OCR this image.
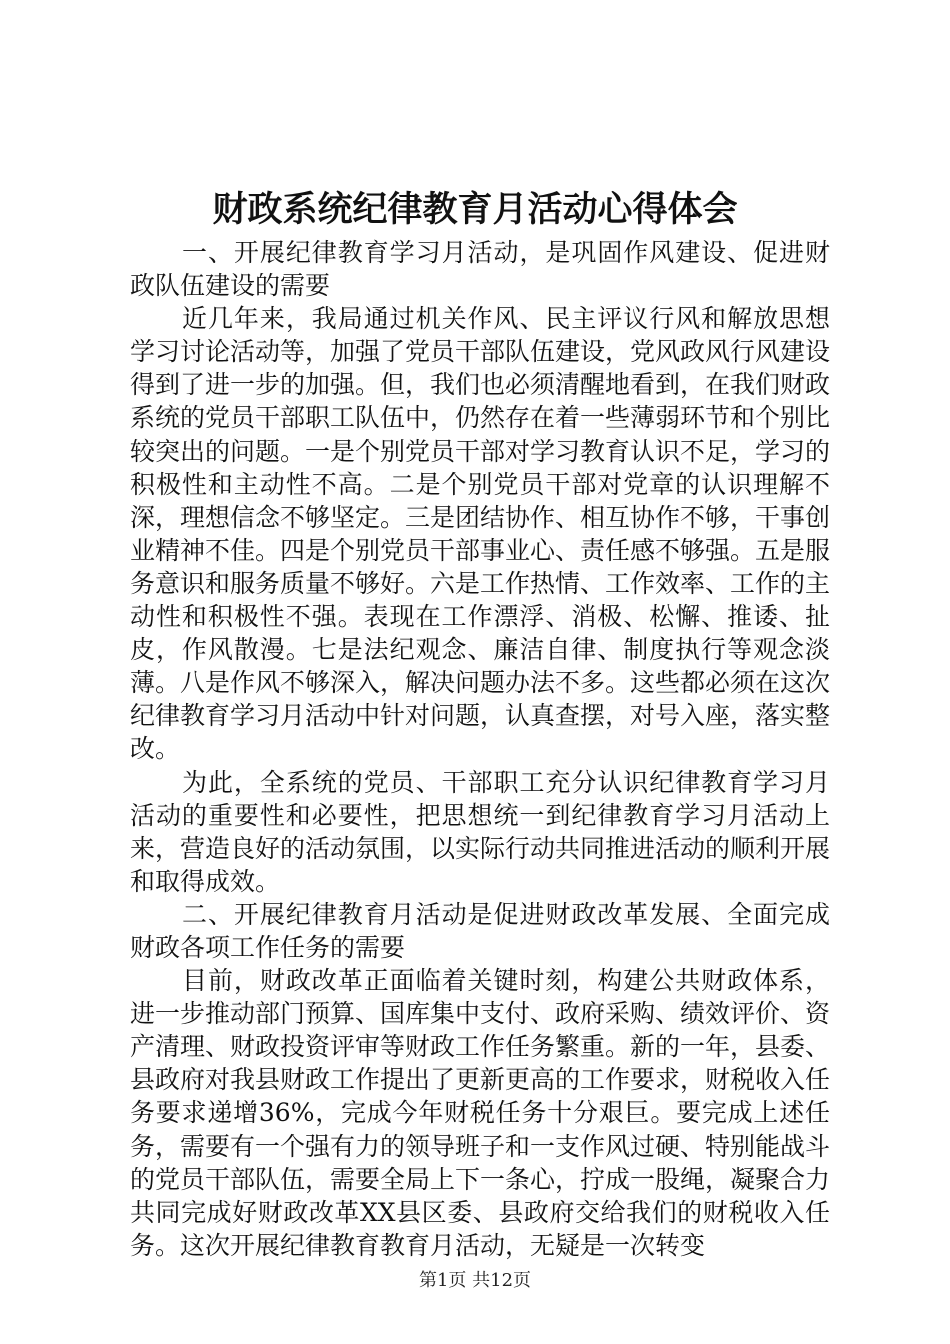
财政系统纪律教育月活动心得体会

一、开展纪律教育学习月活动，是巩固作风建设、促进财政队伍建设的需要

近几年来，我局通过机关作风、民主评议行风和解放思想学习讨论活动等，加强了党员干部队伍建设，党风政风行风建设得到了进一步的加强。但，我们也必须清醒地看到，在我们财政系统的党员干部职工队伍中，仍然存在着一些薄弱环节和个别比较突出的问题。一是个别党员干部对学习教育认识不足，学习的积极性和主动性不高。二是个别党员干部对党章的认识理解不深，理想信念不够坚定。三是团结协作、相互协作不够，干事创业精神不佳。四是个别党员干部事业心、责任感不够强。五是服务意识和服务质量不够好。六是工作热情、工作效率、工作的主动性和积极性不强。表现在工作漂浮、消极、松懈、推诿、扯皮，作风散漫。七是法纪观念、廉洁自律、制度执行等观念淡薄。八是作风不够深入，解决问题办法不多。这些都必须在这次纪律教育学习月活动中针对问题，认真查摆，对号入座，落实整改。

为此，全系统的党员、干部职工充分认识纪律教育学习月活动的重要性和必要性，把思想统一到纪律教育学习月活动上来，营造良好的活动氛围，以实际行动共同推进活动的顺利开展和取得成效。

二、开展纪律教育月活动是促进财政改革发展、全面完成财政各项工作任务的需要

目前，财政改革正面临着关键时刻，构建公共财政体系，进一步推动部门预算、国库集中支付、政府采购、绩效评价、资产清理、财政投资评审等财政工作任务繁重。新的一年，县委、县政府对我县财政工作提出了更新更高的工作要求，财税收入任务要求递增36%，完成今年财税任务十分艰巨。要完成上述任务，需要有一个强有力的领导班子和一支作风过硬、特别能战斗的党员干部队伍，需要全局上下一条心，拧成一股绳，凝聚合力共同完成好财政改革XX县区委、县政府交给我们的财税收入任务。这次开展纪律教育教育月活动，无疑是一次转变

第1页 共12页
